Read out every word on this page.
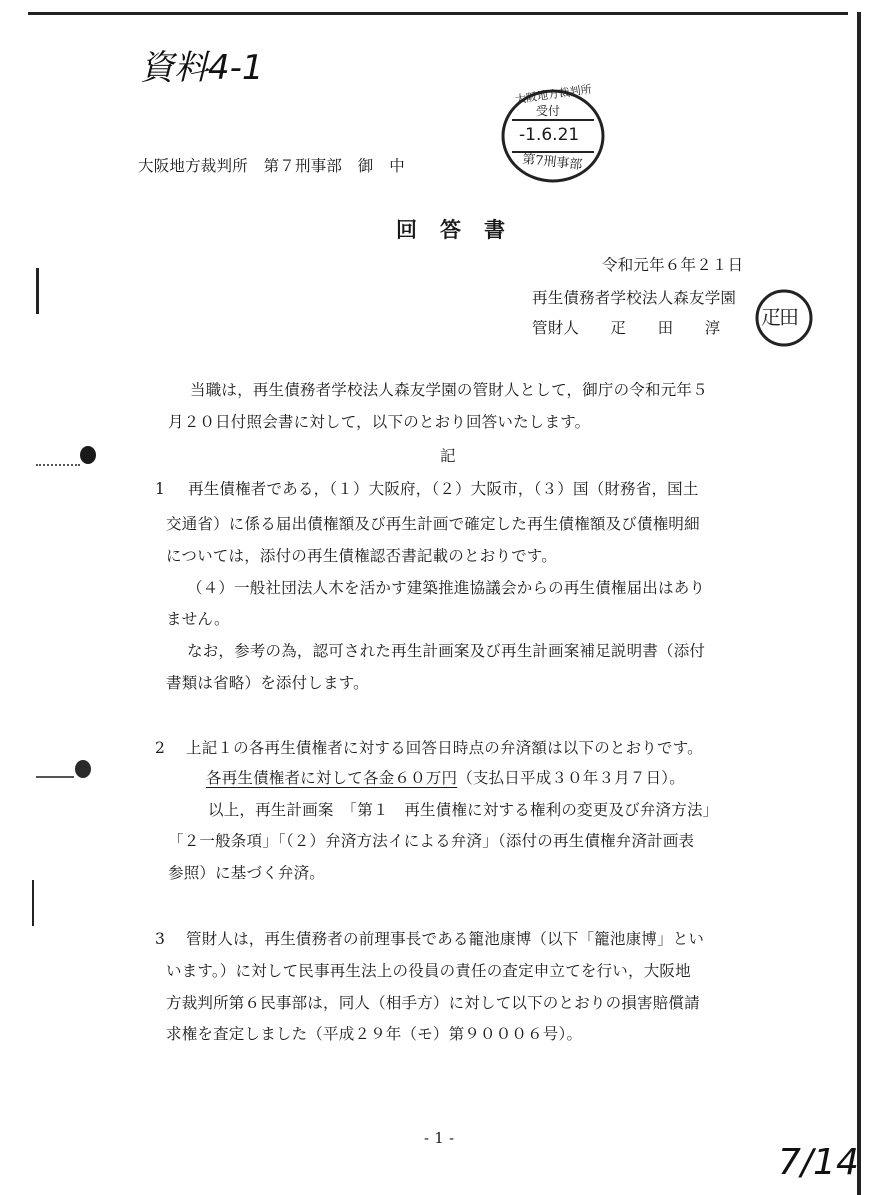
資料4-1
7/14
大阪地方裁判所
受付
-1.6.21
第7刑事部
大阪地方裁判所　第７刑事部　御　中
回　答　書
令和元年６年２１日
再生債務者学校法人森友学園
管財人　　疋　　田　　淳 疋田
当職は，再生債務者学校法人森友学園の管財人として，御庁の令和元年５
月２０日付照会書に対して，以下のとおり回答いたします。
記
1 再生債権者である，（１）大阪府，（２）大阪市，（３）国（財務省，国土
交通省）に係る届出債権額及び再生計画で確定した再生債権額及び債権明細
については，添付の再生債権認否書記載のとおりです。
（４）一般社団法人木を活かす建築推進協議会からの再生債権届出はあり
ません。
なお，参考の為，認可された再生計画案及び再生計画案補足説明書（添付
書類は省略）を添付します。
2 上記１の各再生債権者に対する回答日時点の弁済額は以下のとおりです。
各再生債権者に対して各金６０万円（支払日平成３０年３月７日）。
以上，再生計画案　「第１　再生債権に対する権利の変更及び弁済方法」
「２一般条項」「（２）弁済方法イによる弁済」（添付の再生債権弁済計画表
参照）に基づく弁済。
3 管財人は，再生債務者の前理事長である籠池康博（以下「籠池康博」とい
います。）に対して民事再生法上の役員の責任の査定申立てを行い，大阪地
方裁判所第６民事部は，同人（相手方）に対して以下のとおりの損害賠償請
求権を査定しました（平成２９年（モ）第９０００６号）。
- 1 -
